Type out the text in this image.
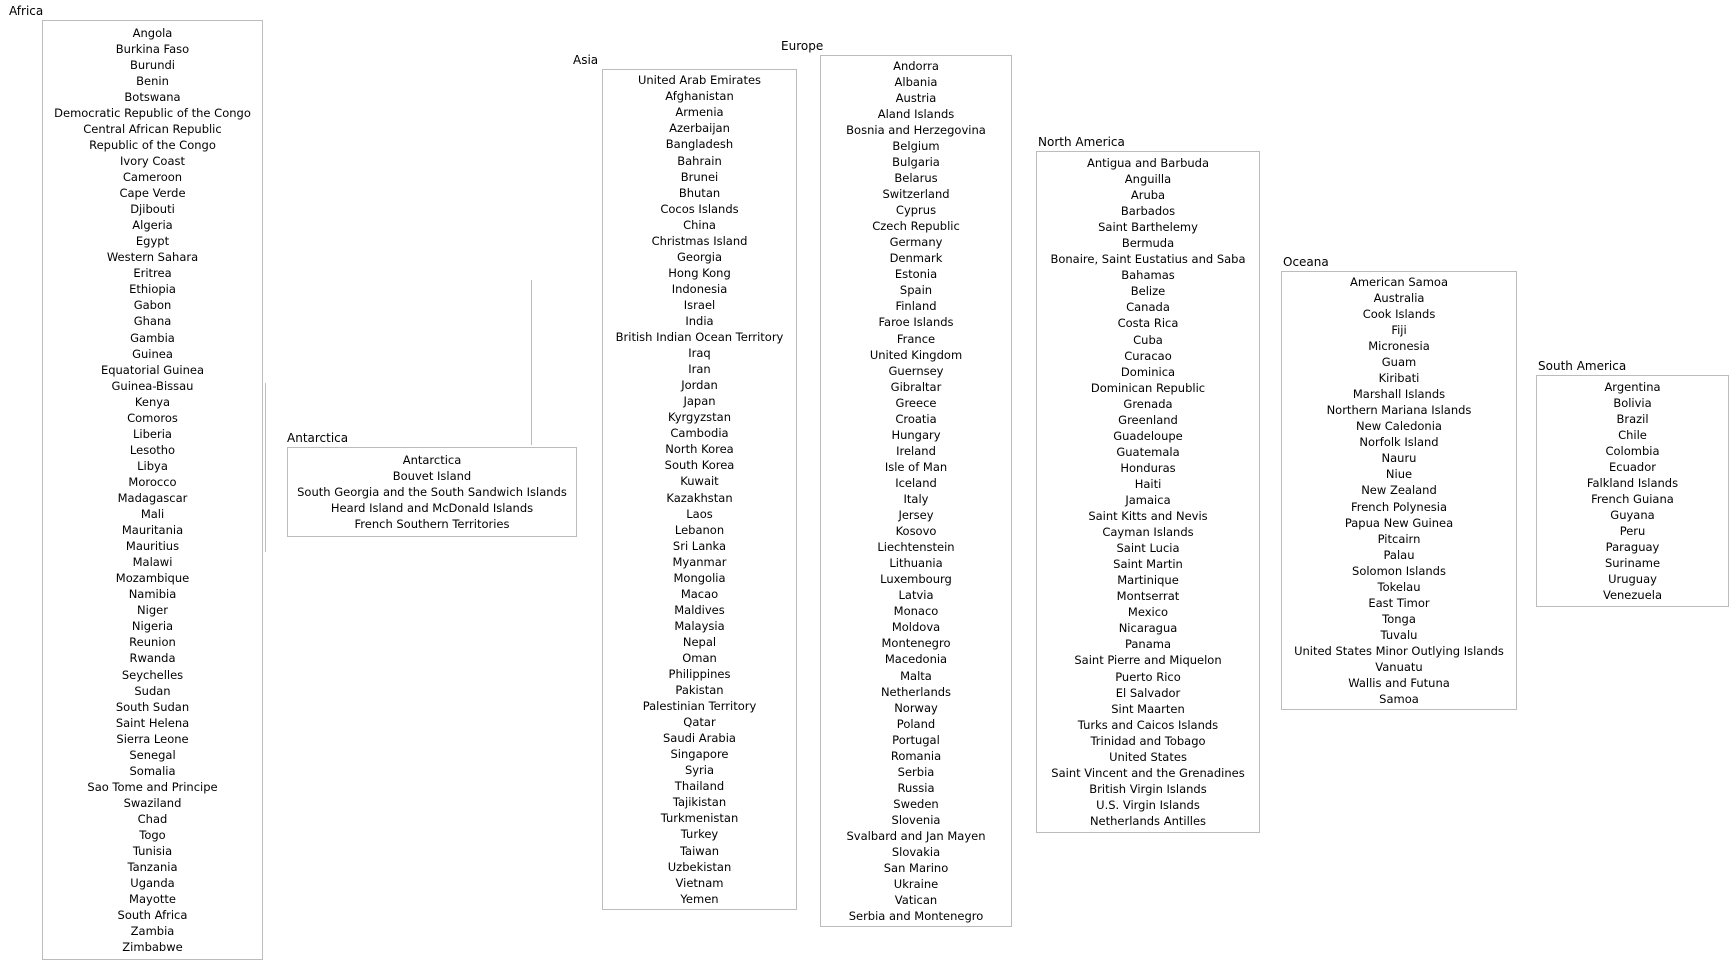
Africa
Angola
Burkina Faso
Burundi
Benin
Botswana
Democratic Republic of the Congo
Central African Republic
Republic of the Congo
Ivory Coast
Cameroon
Cape Verde
Djibouti
Algeria
Egypt
Western Sahara
Eritrea
Ethiopia
Gabon
Ghana
Gambia
Guinea
Equatorial Guinea
Guinea-Bissau
Kenya
Comoros
Liberia
Lesotho
Libya
Morocco
Madagascar
Mali
Mauritania
Mauritius
Malawi
Mozambique
Namibia
Niger
Nigeria
Reunion
Rwanda
Seychelles
Sudan
South Sudan
Saint Helena
Sierra Leone
Senegal
Somalia
Sao Tome and Principe
Swaziland
Chad
Togo
Tunisia
Tanzania
Uganda
Mayotte
South Africa
Zambia
Zimbabwe
Antarctica
Antarctica
Bouvet Island
South Georgia and the South Sandwich Islands
Heard Island and McDonald Islands
French Southern Territories
Asia
United Arab Emirates
Afghanistan
Armenia
Azerbaijan
Bangladesh
Bahrain
Brunei
Bhutan
Cocos Islands
China
Christmas Island
Georgia
Hong Kong
Indonesia
Israel
India
British Indian Ocean Territory
Iraq
Iran
Jordan
Japan
Kyrgyzstan
Cambodia
North Korea
South Korea
Kuwait
Kazakhstan
Laos
Lebanon
Sri Lanka
Myanmar
Mongolia
Macao
Maldives
Malaysia
Nepal
Oman
Philippines
Pakistan
Palestinian Territory
Qatar
Saudi Arabia
Singapore
Syria
Thailand
Tajikistan
Turkmenistan
Turkey
Taiwan
Uzbekistan
Vietnam
Yemen
Europe
Andorra
Albania
Austria
Aland Islands
Bosnia and Herzegovina
Belgium
Bulgaria
Belarus
Switzerland
Cyprus
Czech Republic
Germany
Denmark
Estonia
Spain
Finland
Faroe Islands
France
United Kingdom
Guernsey
Gibraltar
Greece
Croatia
Hungary
Ireland
Isle of Man
Iceland
Italy
Jersey
Kosovo
Liechtenstein
Lithuania
Luxembourg
Latvia
Monaco
Moldova
Montenegro
Macedonia
Malta
Netherlands
Norway
Poland
Portugal
Romania
Serbia
Russia
Sweden
Slovenia
Svalbard and Jan Mayen
Slovakia
San Marino
Ukraine
Vatican
Serbia and Montenegro
North America
Antigua and Barbuda
Anguilla
Aruba
Barbados
Saint Barthelemy
Bermuda
Bonaire, Saint Eustatius and Saba
Bahamas
Belize
Canada
Costa Rica
Cuba
Curacao
Dominica
Dominican Republic
Grenada
Greenland
Guadeloupe
Guatemala
Honduras
Haiti
Jamaica
Saint Kitts and Nevis
Cayman Islands
Saint Lucia
Saint Martin
Martinique
Montserrat
Mexico
Nicaragua
Panama
Saint Pierre and Miquelon
Puerto Rico
El Salvador
Sint Maarten
Turks and Caicos Islands
Trinidad and Tobago
United States
Saint Vincent and the Grenadines
British Virgin Islands
U.S. Virgin Islands
Netherlands Antilles
Oceana
American Samoa
Australia
Cook Islands
Fiji
Micronesia
Guam
Kiribati
Marshall Islands
Northern Mariana Islands
New Caledonia
Norfolk Island
Nauru
Niue
New Zealand
French Polynesia
Papua New Guinea
Pitcairn
Palau
Solomon Islands
Tokelau
East Timor
Tonga
Tuvalu
United States Minor Outlying Islands
Vanuatu
Wallis and Futuna
Samoa
South America
Argentina
Bolivia
Brazil
Chile
Colombia
Ecuador
Falkland Islands
French Guiana
Guyana
Peru
Paraguay
Suriname
Uruguay
Venezuela
